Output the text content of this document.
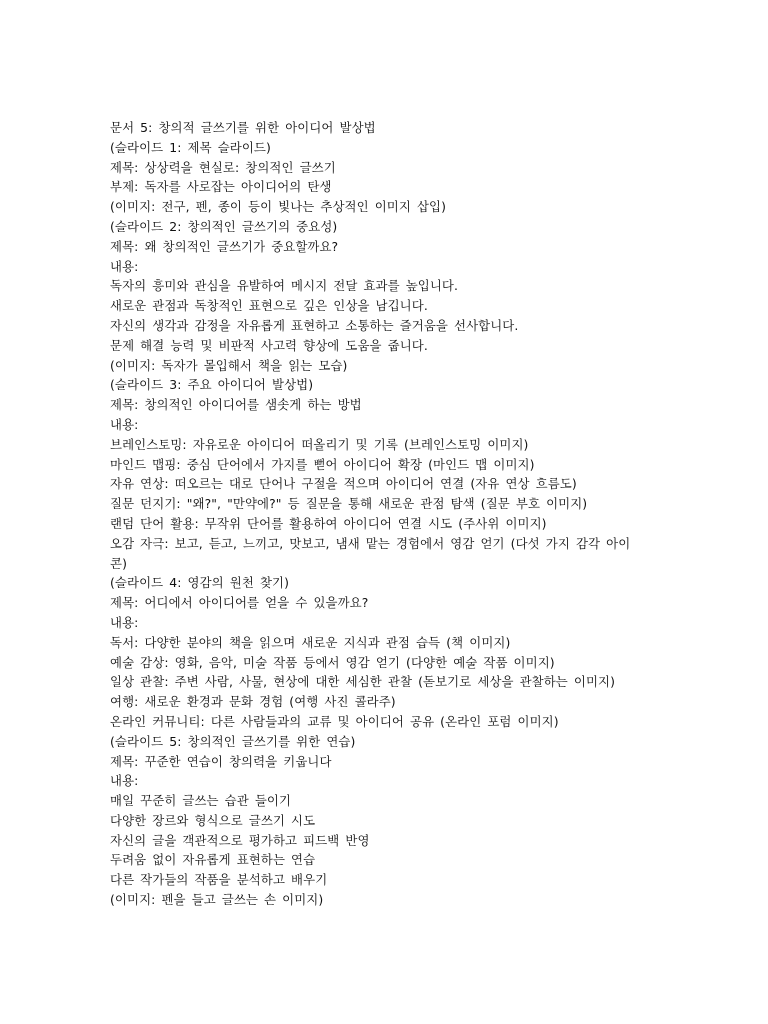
문서 5: 창의적 글쓰기를 위한 아이디어 발상법
(슬라이드 1: 제목 슬라이드)
제목: 상상력을 현실로: 창의적인 글쓰기
부제: 독자를 사로잡는 아이디어의 탄생
(이미지: 전구, 펜, 종이 등이 빛나는 추상적인 이미지 삽입)
(슬라이드 2: 창의적인 글쓰기의 중요성)
제목: 왜 창의적인 글쓰기가 중요할까요?
내용:
독자의 흥미와 관심을 유발하여 메시지 전달 효과를 높입니다.
새로운 관점과 독창적인 표현으로 깊은 인상을 남깁니다.
자신의 생각과 감정을 자유롭게 표현하고 소통하는 즐거움을 선사합니다.
문제 해결 능력 및 비판적 사고력 향상에 도움을 줍니다.
(이미지: 독자가 몰입해서 책을 읽는 모습)
(슬라이드 3: 주요 아이디어 발상법)
제목: 창의적인 아이디어를 샘솟게 하는 방법
내용:
브레인스토밍: 자유로운 아이디어 떠올리기 및 기록 (브레인스토밍 이미지)
마인드 맵핑: 중심 단어에서 가지를 뻗어 아이디어 확장 (마인드 맵 이미지)
자유 연상: 떠오르는 대로 단어나 구절을 적으며 아이디어 연결 (자유 연상 흐름도)
질문 던지기: "왜?", "만약에?" 등 질문을 통해 새로운 관점 탐색 (질문 부호 이미지)
랜덤 단어 활용: 무작위 단어를 활용하여 아이디어 연결 시도 (주사위 이미지)
오감 자극: 보고, 듣고, 느끼고, 맛보고, 냄새 맡는 경험에서 영감 얻기 (다섯 가지 감각 아이
콘)
(슬라이드 4: 영감의 원천 찾기)
제목: 어디에서 아이디어를 얻을 수 있을까요?
내용:
독서: 다양한 분야의 책을 읽으며 새로운 지식과 관점 습득 (책 이미지)
예술 감상: 영화, 음악, 미술 작품 등에서 영감 얻기 (다양한 예술 작품 이미지)
일상 관찰: 주변 사람, 사물, 현상에 대한 세심한 관찰 (돋보기로 세상을 관찰하는 이미지)
여행: 새로운 환경과 문화 경험 (여행 사진 콜라주)
온라인 커뮤니티: 다른 사람들과의 교류 및 아이디어 공유 (온라인 포럼 이미지)
(슬라이드 5: 창의적인 글쓰기를 위한 연습)
제목: 꾸준한 연습이 창의력을 키웁니다
내용:
매일 꾸준히 글쓰는 습관 들이기
다양한 장르와 형식으로 글쓰기 시도
자신의 글을 객관적으로 평가하고 피드백 반영
두려움 없이 자유롭게 표현하는 연습
다른 작가들의 작품을 분석하고 배우기
(이미지: 펜을 들고 글쓰는 손 이미지)
